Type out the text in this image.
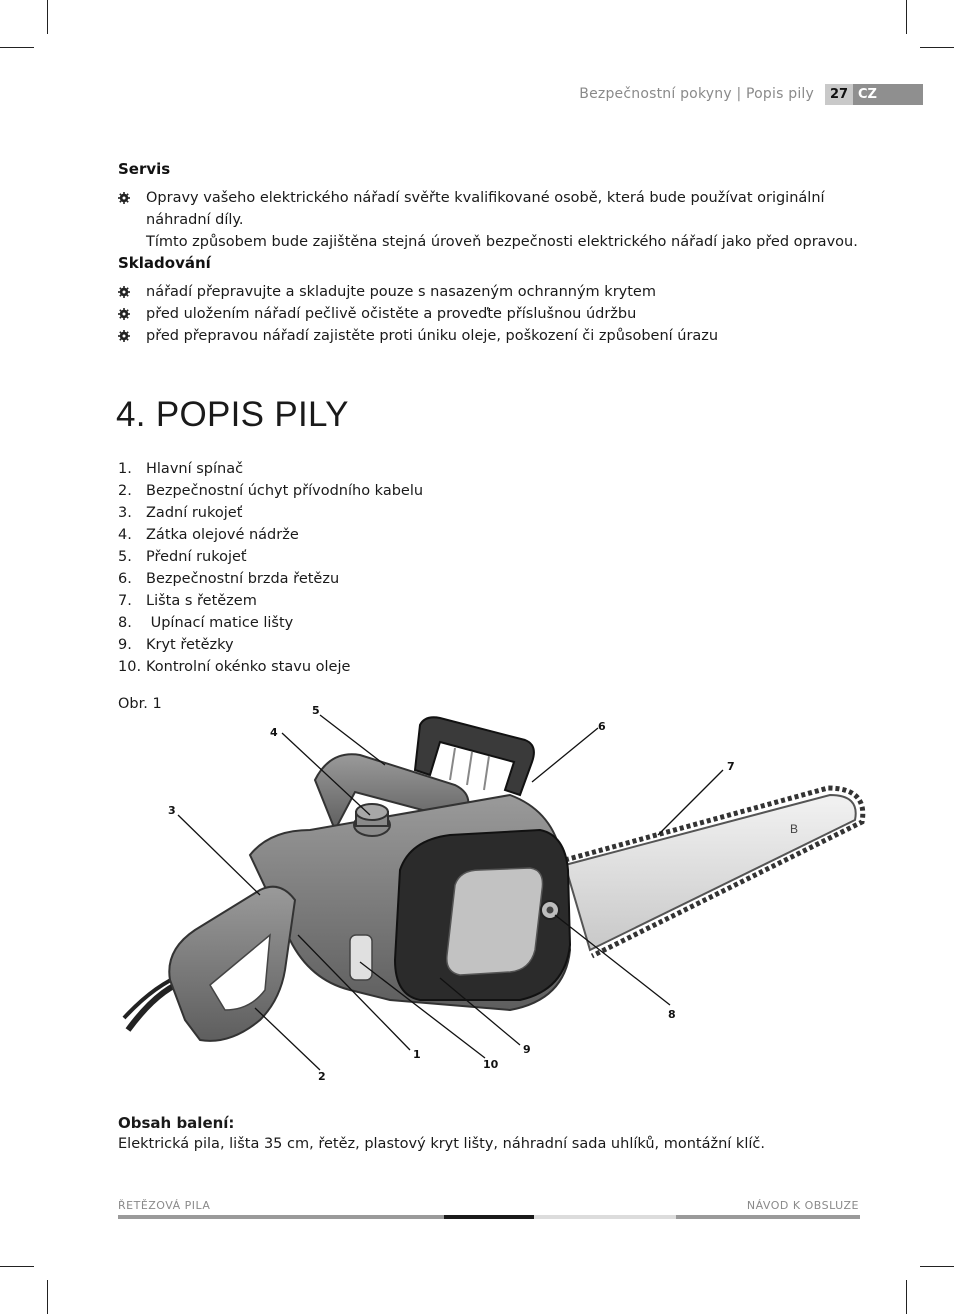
Bezpečnostní pokyny | Popis pily	27 CZ
Servis
Opravy vašeho elektrického nářadí svěřte kvalifikované osobě, která bude používat originální náhradní díly.
Tímto způsobem bude zajištěna stejná úroveň bezpečnosti elektrického nářadí jako před opravou.
Skladování
nářadí přepravujte a skladujte pouze s nasazeným ochranným krytem
před uložením nářadí pečlivě očistěte a proveďte příslušnou údržbu
před přepravou nářadí zajistěte proti úniku oleje, poškození či způsobení úrazu
4. POPIS PILY
1. Hlavní spínač
2. Bezpečnostní úchyt přívodního kabelu
3. Zadní rukojeť
4. Zátka olejové nádrže
5. Přední rukojeť
6. Bezpečnostní brzda řetězu
7. Lišta s řetězem
8. Upínací matice lišty
9. Kryt řetězky
10. Kontrolní okénko stavu oleje
Obr. 1
B
5
4
3
6
7
8
9
10
1
2
Obsah balení:
Elektrická pila, lišta 35 cm, řetěz, plastový kryt lišty, náhradní sada uhlíků, montážní klíč.
ŘETĚZOVÁ PILA	NÁVOD K OBSLUZE
